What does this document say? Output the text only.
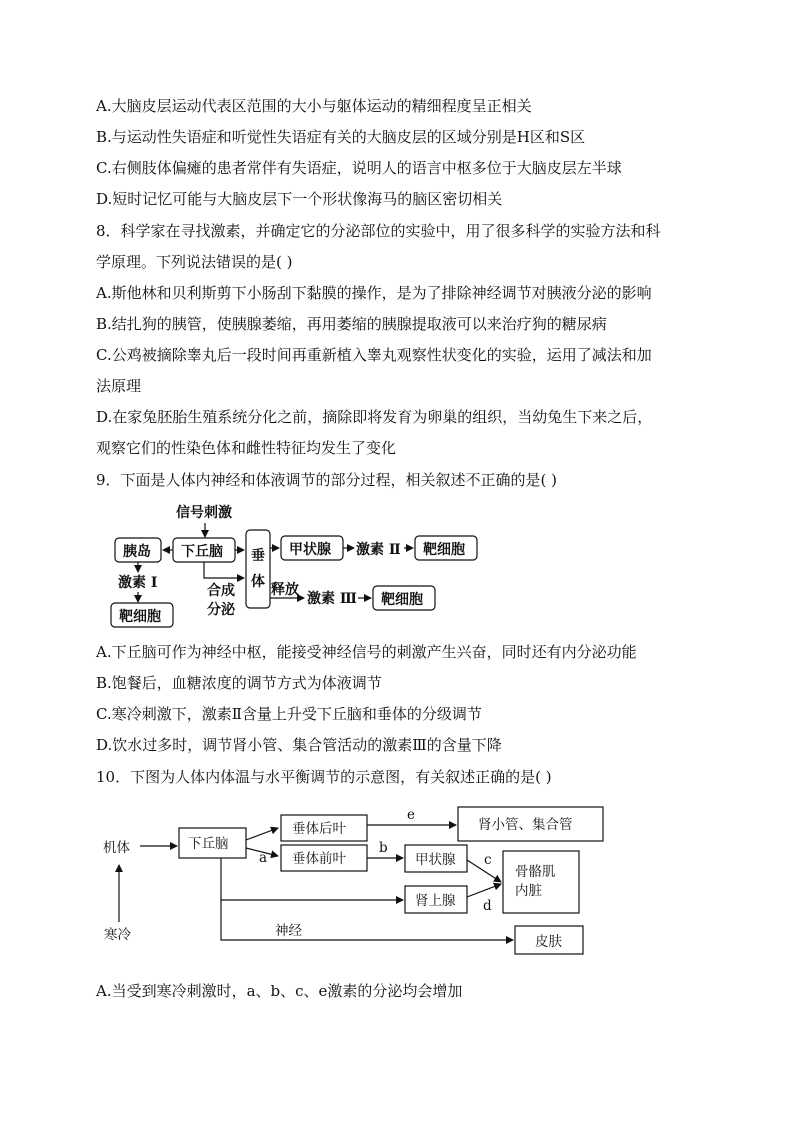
A.大脑皮层运动代表区范围的大小与躯体运动的精细程度呈正相关
B.与运动性失语症和听觉性失语症有关的大脑皮层的区域分别是H区和S区
C.右侧肢体偏瘫的患者常伴有失语症，说明人的语言中枢多位于大脑皮层左半球
D.短时记忆可能与大脑皮层下一个形状像海马的脑区密切相关
8．科学家在寻找激素，并确定它的分泌部位的实验中，用了很多科学的实验方法和科
学原理。下列说法错误的是( )
A.斯他林和贝利斯剪下小肠刮下黏膜的操作，是为了排除神经调节对胰液分泌的影响
B.结扎狗的胰管，使胰腺萎缩，再用萎缩的胰腺提取液可以来治疗狗的糖尿病
C.公鸡被摘除睾丸后一段时间再重新植入睾丸观察性状变化的实验，运用了减法和加
法原理
D.在家兔胚胎生殖系统分化之前，摘除即将发育为卵巢的组织，当幼兔生下来之后，
观察它们的性染色体和雌性特征均发生了变化
9．下面是人体内神经和体液调节的部分过程，相关叙述不正确的是( )
信号刺激
胰岛 下丘脑 垂
体
甲状腺 激素 Ⅱ 靶细胞
激素 Ⅰ
靶细胞
合成
分泌
释放
激素 Ⅲ 靶细胞
A.下丘脑可作为神经中枢，能接受神经信号的刺激产生兴奋，同时还有内分泌功能
B.饱餐后，血糖浓度的调节方式为体液调节
C.寒冷刺激下，激素Ⅱ含量上升受下丘脑和垂体的分级调节
D.饮水过多时，调节肾小管、集合管活动的激素Ⅲ的含量下降
10．下图为人体内体温与水平衡调节的示意图，有关叙述正确的是( )
机体
寒冷
下丘脑
a
垂体后叶
垂体前叶
e
肾小管、集合管
b
甲状腺
骨骼肌
内脏
c
肾上腺 d
神经
皮肤
A.当受到寒冷刺激时，a、b、c、e激素的分泌均会增加
